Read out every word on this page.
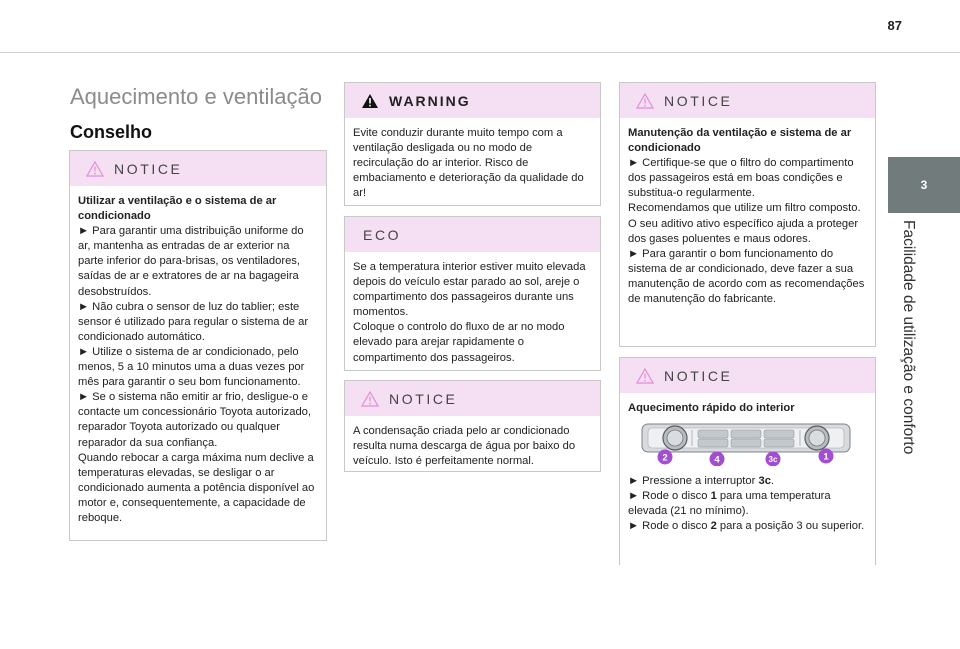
87
3
Facilidade de utilização e conforto
Aquecimento e ventilação
Conselho
NOTICE

Utilizar a ventilação e o sistema de ar condicionado

► Para garantir uma distribuição uniforme do ar, mantenha as entradas de ar exterior na parte inferior do para-brisas, os ventiladores, saídas de ar e extratores de ar na bagageira desobstruídos.

► Não cubra o sensor de luz do tablier; este sensor é utilizado para regular o sistema de ar condicionado automático.

► Utilize o sistema de ar condicionado, pelo menos, 5 a 10 minutos uma a duas vezes por mês para garantir o seu bom funcionamento.

► Se o sistema não emitir ar frio, desligue-o e contacte um concessionário Toyota autorizado, reparador Toyota autorizado ou qualquer reparador da sua confiança.

Quando rebocar a carga máxima num declive a temperaturas elevadas, se desligar o ar condicionado aumenta a potência disponível ao motor e, consequentemente, a capacidade de reboque.

WARNING

Evite conduzir durante muito tempo com a ventilação desligada ou no modo de recirculação do ar interior. Risco de embaciamento e deterioração da qualidade do ar!

ECO

Se a temperatura interior estiver muito elevada depois do veículo estar parado ao sol, areje o compartimento dos passageiros durante uns momentos.

Coloque o controlo do fluxo de ar no modo elevado para arejar rapidamente o compartimento dos passageiros.

NOTICE

A condensação criada pelo ar condicionado resulta numa descarga de água por baixo do veículo. Isto é perfeitamente normal.

NOTICE

Manutenção da ventilação e sistema de ar condicionado

► Certifique-se que o filtro do compartimento dos passageiros está em boas condições e substitua-o regularmente.

Recomendamos que utilize um filtro composto. O seu aditivo ativo específico ajuda a proteger dos gases poluentes e maus odores.

► Para garantir o bom funcionamento do sistema de ar condicionado, deve fazer a sua manutenção de acordo com as recomendações de manutenção do fabricante.

NOTICE

Aquecimento rápido do interior

2	4	3c	1

► Pressione a interruptor 3c.

► Rode o disco 1 para uma temperatura elevada (21 no mínimo).

► Rode o disco 2 para a posição 3 ou superior.
